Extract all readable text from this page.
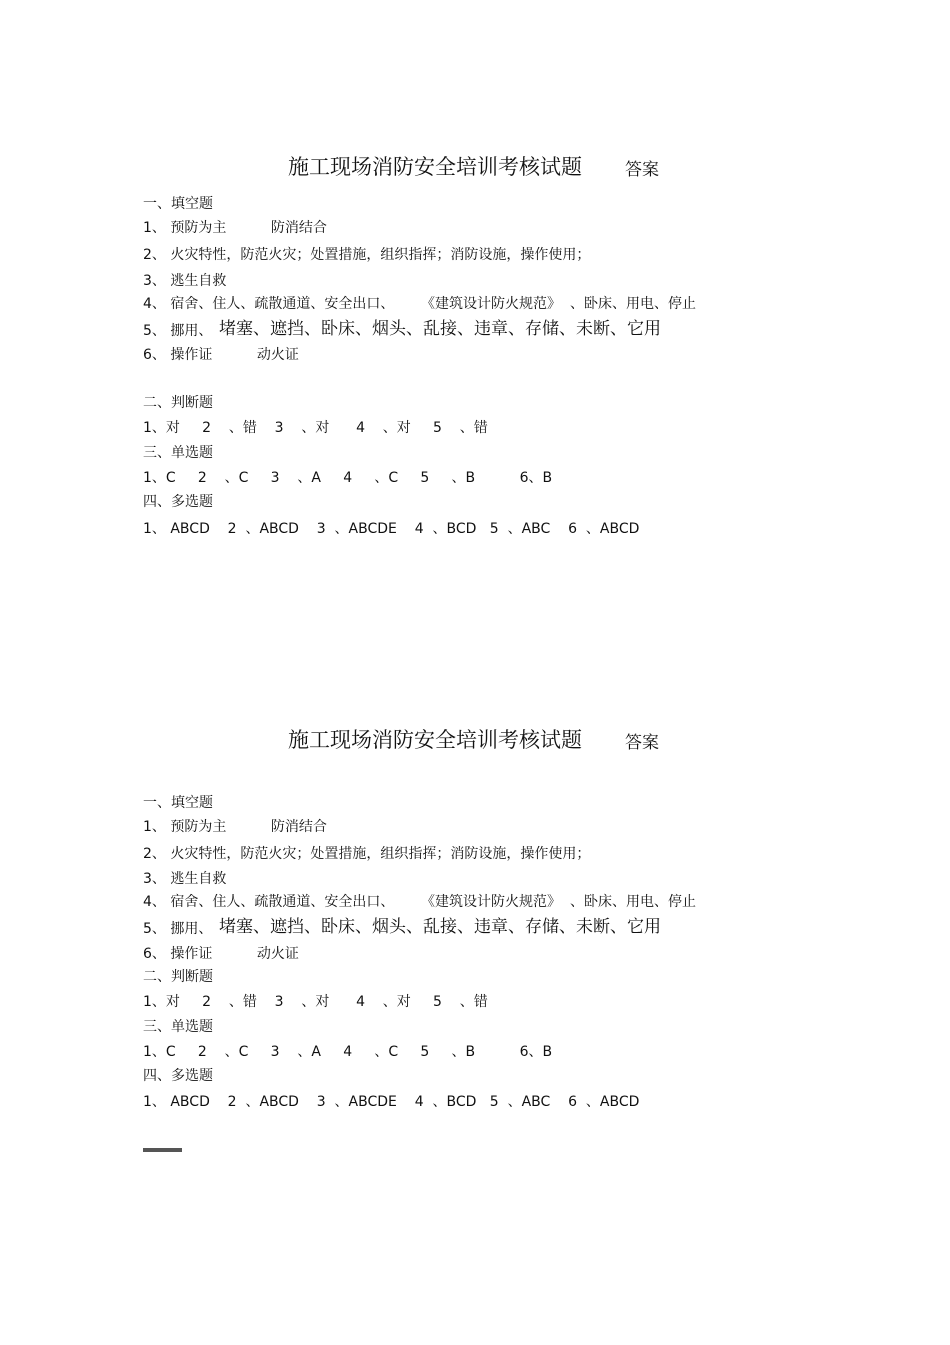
施工现场消防安全培训考核试题	答案
一、填空题
1、 预防为主          防消结合
2、 火灾特性，防范火灾；处置措施，组织指挥；消防设施，操作使用；
3、 逃生自救
4、 宿舍、住人、疏散通道、安全出口、      《建筑设计防火规范》  、卧床、用电、停止
5、 挪用、 堵塞、遮挡、卧床、烟头、乱接、违章、存储、未断、它用
6、 操作证          动火证
二、判断题
1、对     2    、错    3    、对      4    、对     5    、错
三、单选题
1、C     2    、C     3    、A     4     、C     5     、B          6、B
四、多选题
1、 ABCD    2  、ABCD    3  、ABCDE    4  、BCD   5  、ABC    6  、ABCD
施工现场消防安全培训考核试题	答案
一、填空题
1、 预防为主          防消结合
2、 火灾特性，防范火灾；处置措施，组织指挥；消防设施，操作使用；
3、 逃生自救
4、 宿舍、住人、疏散通道、安全出口、      《建筑设计防火规范》  、卧床、用电、停止
5、 挪用、 堵塞、遮挡、卧床、烟头、乱接、违章、存储、未断、它用
6、 操作证          动火证
二、判断题
1、对     2    、错    3    、对      4    、对     5    、错
三、单选题
1、C     2    、C     3    、A     4     、C     5     、B          6、B
四、多选题
1、 ABCD    2  、ABCD    3  、ABCDE    4  、BCD   5  、ABC    6  、ABCD
